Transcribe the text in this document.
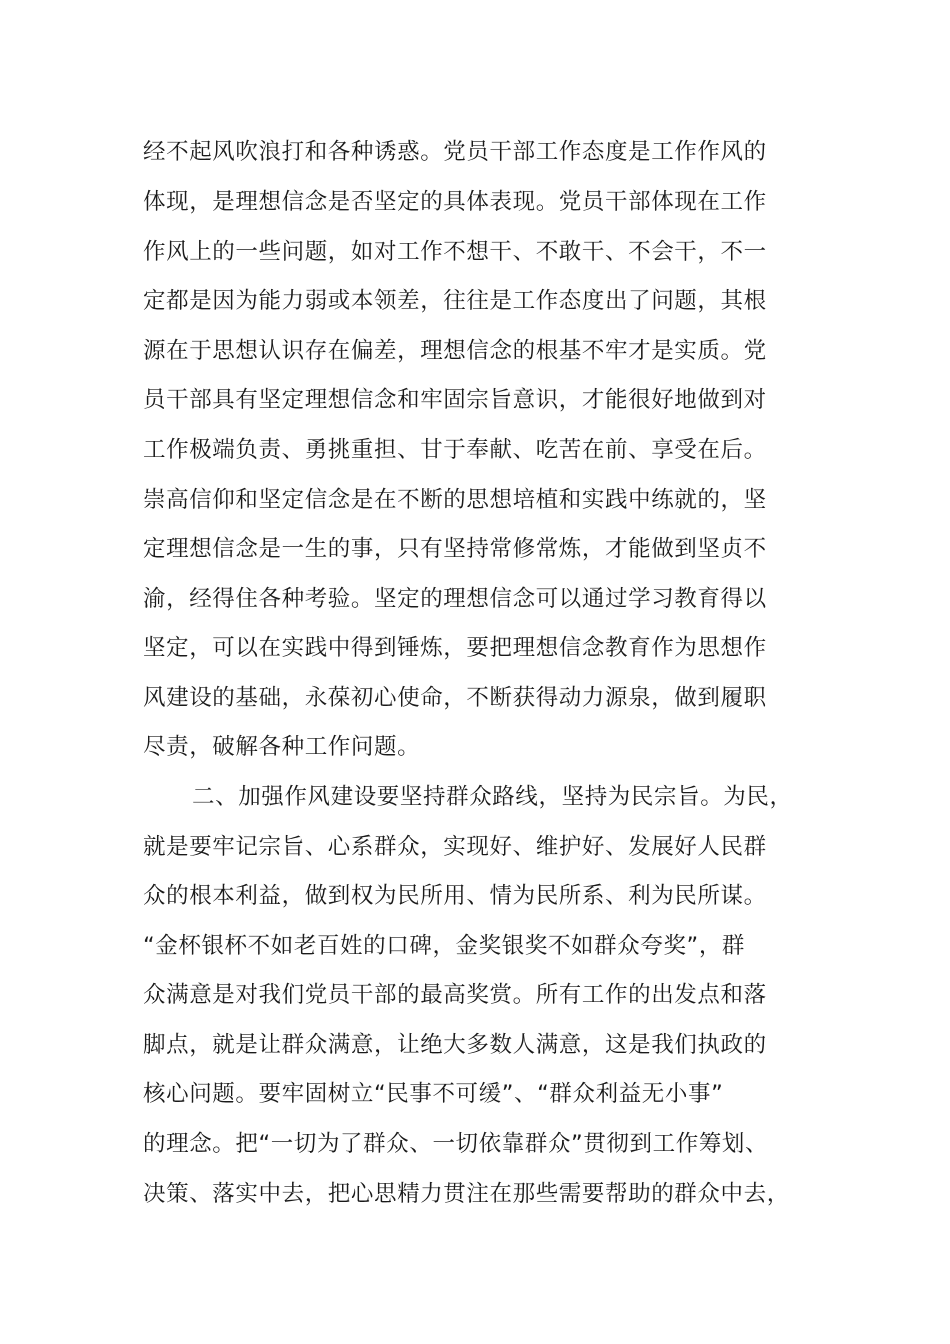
经不起风吹浪打和各种诱惑。党员干部工作态度是工作作风的
体现，是理想信念是否坚定的具体表现。党员干部体现在工作
作风上的一些问题，如对工作不想干、不敢干、不会干，不一
定都是因为能力弱或本领差，往往是工作态度出了问题，其根
源在于思想认识存在偏差，理想信念的根基不牢才是实质。党
员干部具有坚定理想信念和牢固宗旨意识，才能很好地做到对
工作极端负责、勇挑重担、甘于奉献、吃苦在前、享受在后。
崇高信仰和坚定信念是在不断的思想培植和实践中练就的，坚
定理想信念是一生的事，只有坚持常修常炼，才能做到坚贞不
渝，经得住各种考验。坚定的理想信念可以通过学习教育得以
坚定，可以在实践中得到锤炼，要把理想信念教育作为思想作
风建设的基础，永葆初心使命，不断获得动力源泉，做到履职
尽责，破解各种工作问题。
二、加强作风建设要坚持群众路线，坚持为民宗旨。为民，
就是要牢记宗旨、心系群众，实现好、维护好、发展好人民群
众的根本利益，做到权为民所用、情为民所系、利为民所谋。
“金杯银杯不如老百姓的口碑，金奖银奖不如群众夸奖”，群
众满意是对我们党员干部的最高奖赏。所有工作的出发点和落
脚点，就是让群众满意，让绝大多数人满意，这是我们执政的
核心问题。要牢固树立“民事不可缓”、“群众利益无小事”
的理念。把“一切为了群众、一切依靠群众”贯彻到工作筹划、
决策、落实中去，把心思精力贯注在那些需要帮助的群众中去，
